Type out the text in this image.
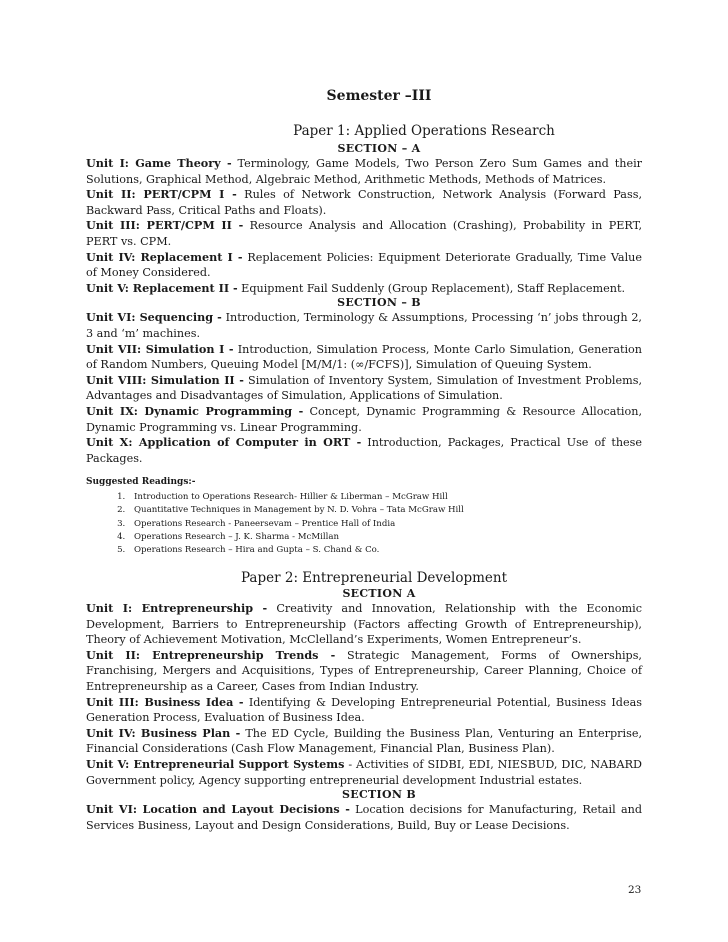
Semester –III
Paper 1: Applied Operations Research
SECTION – A
Unit I: Game Theory - Terminology, Game Models, Two Person Zero Sum Games and their Solutions, Graphical Method, Algebraic Method, Arithmetic Methods, Methods of Matrices.
Unit II: PERT/CPM I - Rules of Network Construction, Network Analysis (Forward Pass, Backward Pass, Critical Paths and Floats).
Unit III: PERT/CPM II - Resource Analysis and Allocation (Crashing), Probability in PERT, PERT vs. CPM.
Unit IV: Replacement I - Replacement Policies: Equipment Deteriorate Gradually, Time Value of Money Considered.
Unit V: Replacement II - Equipment Fail Suddenly (Group Replacement), Staff Replacement.
SECTION – B
Unit VI: Sequencing - Introduction, Terminology & Assumptions, Processing ‘n’ jobs through 2, 3 and ‘m’ machines.
Unit VII: Simulation I - Introduction, Simulation Process, Monte Carlo Simulation, Generation of Random Numbers, Queuing Model [M/M/1: (∞/FCFS)], Simulation of Queuing System.
Unit VIII: Simulation II - Simulation of Inventory System, Simulation of Investment Problems, Advantages and Disadvantages of Simulation, Applications of Simulation.
Unit IX: Dynamic Programming - Concept, Dynamic Programming & Resource Allocation, Dynamic Programming vs. Linear Programming.
Unit X: Application of Computer in ORT - Introduction, Packages, Practical Use of these Packages.
Suggested Readings:-
1. Introduction to Operations Research- Hillier & Liberman – McGraw Hill
2. Quantitative Techniques in Management by N. D. Vohra – Tata McGraw Hill
3. Operations Research - Paneersevam – Prentice Hall of India
4. Operations Research – J. K. Sharma - McMillan
5. Operations Research – Hira and Gupta – S. Chand & Co.
Paper 2: Entrepreneurial Development
SECTION A
Unit I: Entrepreneurship - Creativity and Innovation, Relationship with the Economic Development, Barriers to Entrepreneurship (Factors affecting Growth of Entrepreneurship), Theory of Achievement Motivation, McClelland’s Experiments, Women Entrepreneur’s.
Unit II: Entrepreneurship Trends - Strategic Management, Forms of Ownerships, Franchising, Mergers and Acquisitions, Types of Entrepreneurship, Career Planning, Choice of Entrepreneurship as a Career, Cases from Indian Industry.
Unit III: Business Idea - Identifying & Developing Entrepreneurial Potential, Business Ideas Generation Process, Evaluation of Business Idea.
Unit IV: Business Plan - The ED Cycle, Building the Business Plan, Venturing an Enterprise, Financial Considerations (Cash Flow Management, Financial Plan, Business Plan).
Unit V: Entrepreneurial Support Systems - Activities of SIDBI, EDI, NIESBUD, DIC, NABARD Government policy, Agency supporting entrepreneurial development Industrial estates.
SECTION B
Unit VI: Location and Layout Decisions - Location decisions for Manufacturing, Retail and Services Business, Layout and Design Considerations, Build, Buy or Lease Decisions.
23
